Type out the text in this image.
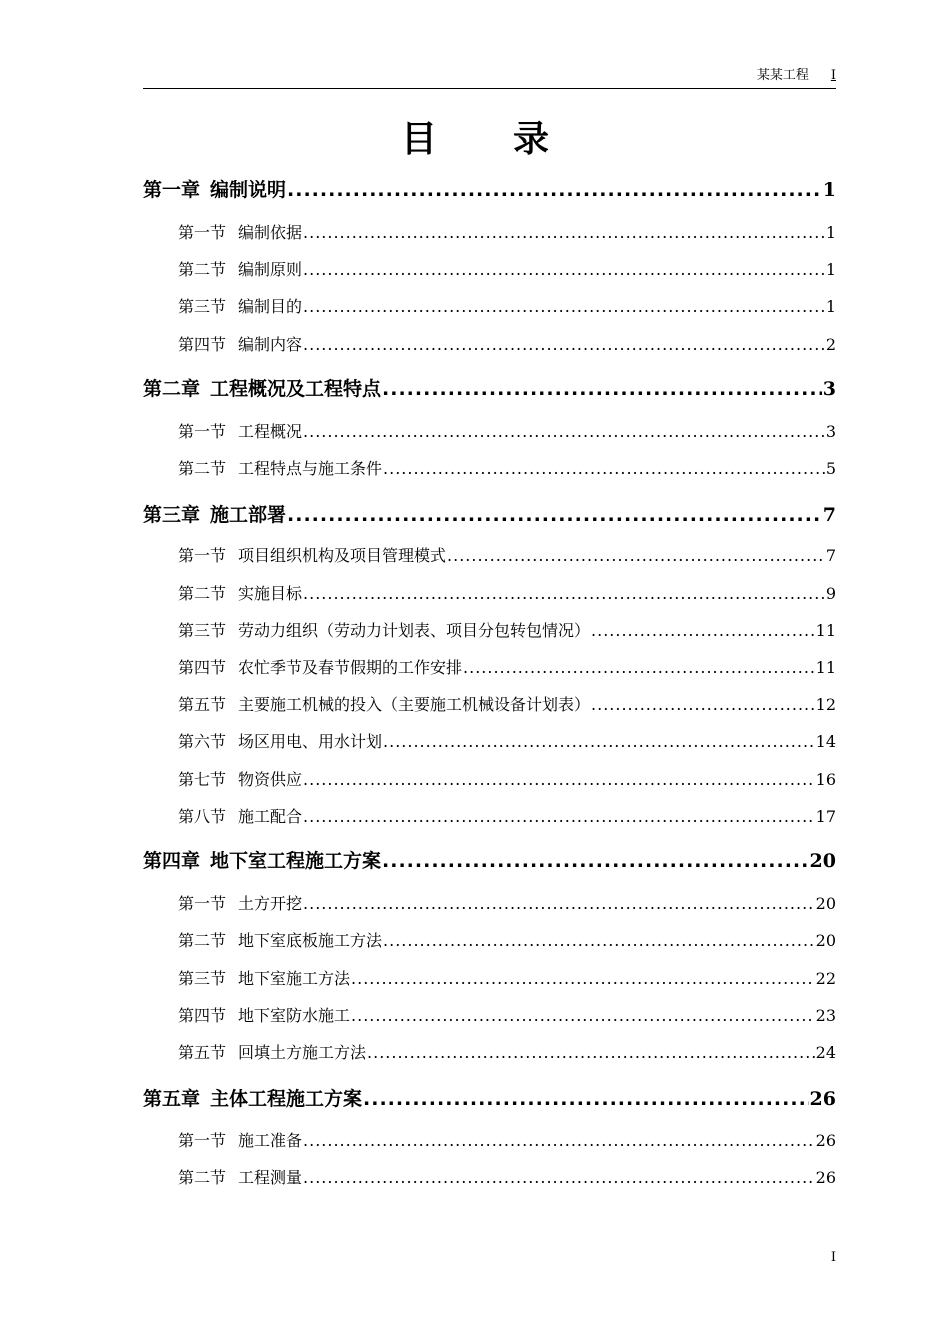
某某工程 I
目 录
第一章 编制说明 .....	1
第一节 编制依据 .....	1
第二节 编制原则 .....	1
第三节 编制目的 .....	1
第四节 编制内容 .....	2
第二章 工程概况及工程特点 .....	3
第一节 工程概况 .....	3
第二节 工程特点与施工条件 .....	5
第三章 施工部署 .....	7
第一节 项目组织机构及项目管理模式 .....	7
第二节 实施目标 .....	9
第三节 劳动力组织（劳动力计划表、项目分包转包情况） .....	11
第四节 农忙季节及春节假期的工作安排 .....	11
第五节 主要施工机械的投入（主要施工机械设备计划表） .....	12
第六节 场区用电、用水计划 .....	14
第七节 物资供应 .....	16
第八节 施工配合 .....	17
第四章 地下室工程施工方案 .....	20
第一节 土方开挖 .....	20
第二节 地下室底板施工方法 .....	20
第三节 地下室施工方法 .....	22
第四节 地下室防水施工 .....	23
第五节 回填土方施工方法 .....	24
第五章 主体工程施工方案 .....	26
第一节 施工准备 .....	26
第二节 工程测量 .....	26
I
